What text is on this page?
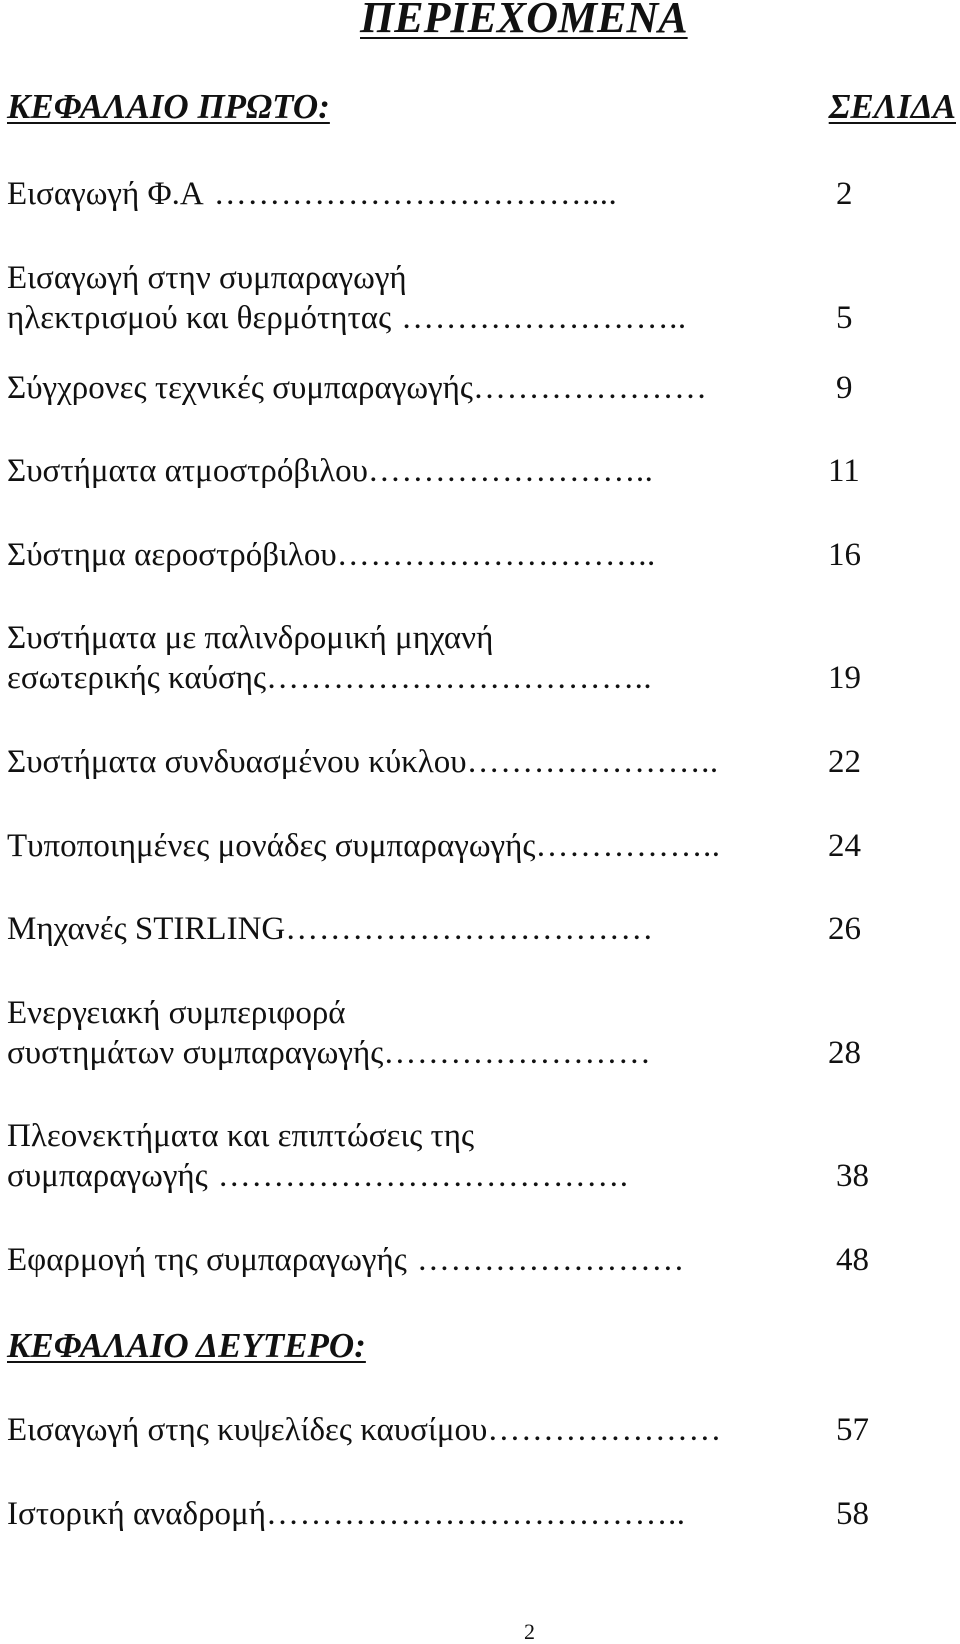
ΠΕΡΙΕΧΟΜΕΝΑ
ΚΕΦΑΛΑΙΟ ΠΡΩΤΟ:	ΣΕΛΙΔΑ
Εισαγωγή Φ.Α ……………………………....	2
Εισαγωγή στην συμπαραγωγή
ηλεκτρισμού και θερμότητας ……………………..	5
Σύγχρονες τεχνικές συμπαραγωγής…………………	9
Συστήματα ατμοστρόβιλου……………………..	11
Σύστημα αεροστρόβιλου………………………..	16
Συστήματα με παλινδρομική μηχανή
εσωτερικής καύσης……………………………..	19
Συστήματα συνδυασμένου κύκλου…………………..	22
Τυποποιημένες μονάδες συμπαραγωγής……………..	24
Μηχανές STIRLING……………………………	26
Ενεργειακή συμπεριφορά
συστημάτων συμπαραγωγής……………………	28
Πλεονεκτήματα και επιπτώσεις της
συμπαραγωγής ……………………………….	38
Εφαρμογή της συμπαραγωγής ……………………	48
ΚΕΦΑΛΑΙΟ ΔΕΥΤΕΡΟ:
Εισαγωγή στης κυψελίδες καυσίμου…………………	57
Ιστορική αναδρομή………………………………..	58
2
